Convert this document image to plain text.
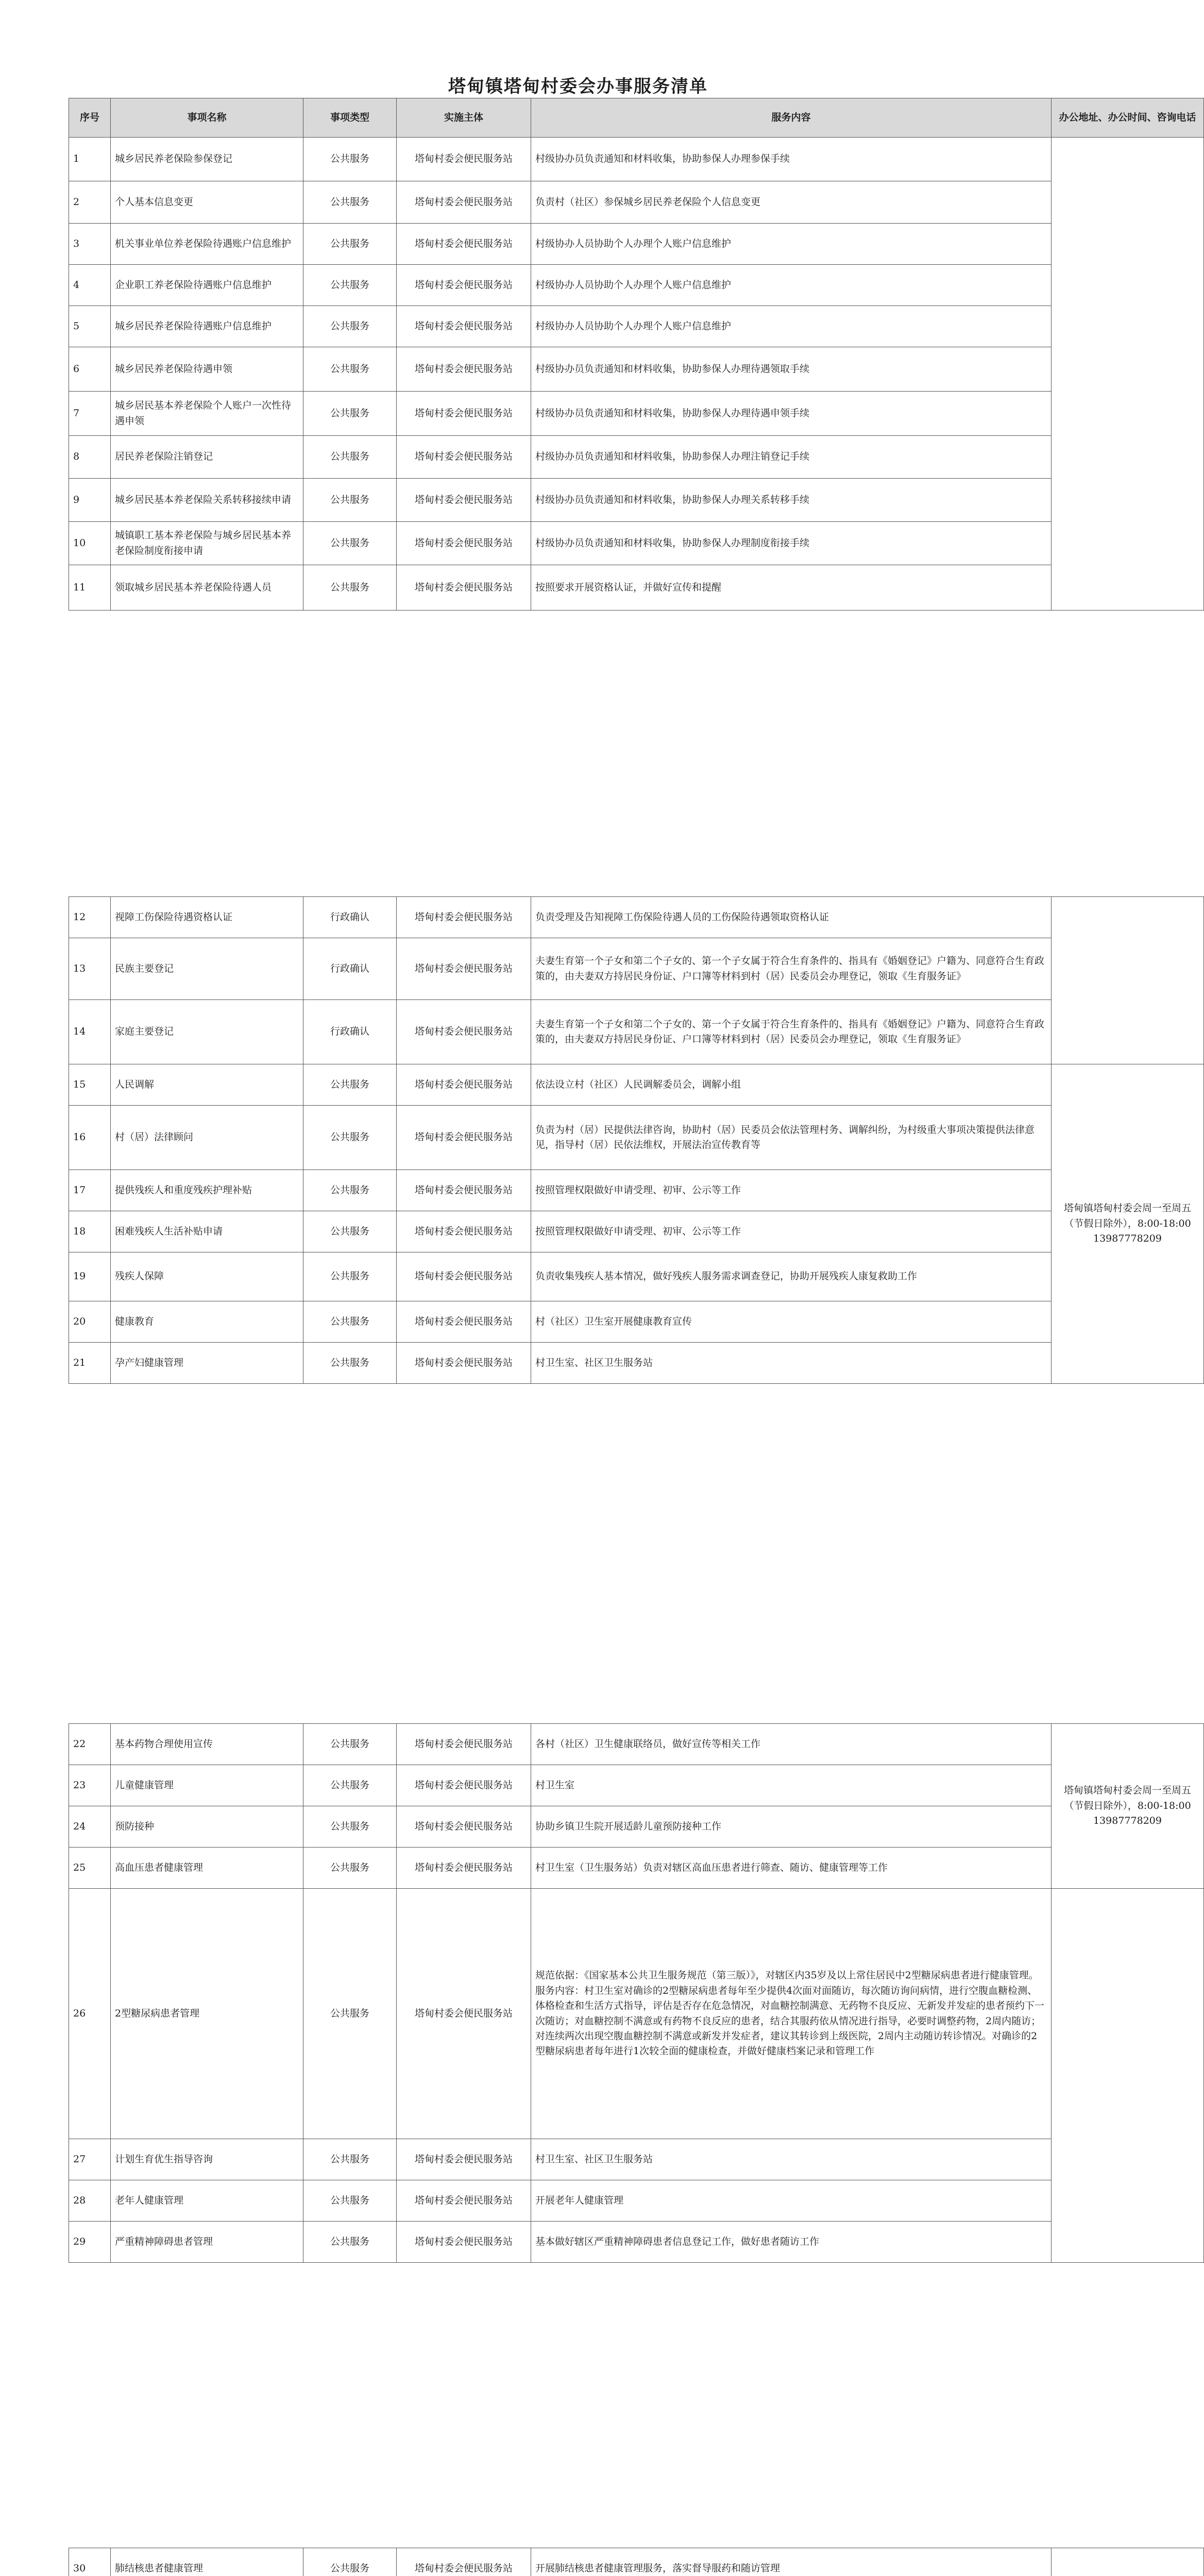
塔甸镇塔甸村委会办事服务清单
序号	事项名称	事项类型	实施主体	服务内容	办公地址、办公时间、咨询电话
1	城乡居民养老保险参保登记	公共服务	塔甸村委会便民服务站	村级协办员负责通知和材料收集，协助参保人办理参保手续	
2	个人基本信息变更	公共服务	塔甸村委会便民服务站	负责村（社区）参保城乡居民养老保险个人信息变更	
3	机关事业单位养老保险待遇账户信息维护	公共服务	塔甸村委会便民服务站	村级协办人员协助个人办理个人账户信息维护	
4	企业职工养老保险待遇账户信息维护	公共服务	塔甸村委会便民服务站	村级协办人员协助个人办理个人账户信息维护	
5	城乡居民养老保险待遇账户信息维护	公共服务	塔甸村委会便民服务站	村级协办人员协助个人办理个人账户信息维护	
6	城乡居民养老保险待遇申领	公共服务	塔甸村委会便民服务站	村级协办员负责通知和材料收集，协助参保人办理待遇领取手续	
7	城乡居民基本养老保险个人账户一次性待遇申领	公共服务	塔甸村委会便民服务站	村级协办员负责通知和材料收集，协助参保人办理待遇申领手续	
8	居民养老保险注销登记	公共服务	塔甸村委会便民服务站	村级协办员负责通知和材料收集，协助参保人办理注销登记手续	
9	城乡居民基本养老保险关系转移接续申请	公共服务	塔甸村委会便民服务站	村级协办员负责通知和材料收集，协助参保人办理关系转移手续	
10	城镇职工基本养老保险与城乡居民基本养老保险制度衔接申请	公共服务	塔甸村委会便民服务站	村级协办员负责通知和材料收集，协助参保人办理制度衔接手续	
11	领取城乡居民基本养老保险待遇人员	公共服务	塔甸村委会便民服务站	按照要求开展资格认证，并做好宣传和提醒	
12	视障工伤保险待遇资格认证	行政确认	塔甸村委会便民服务站	负责受理及告知视障工伤保险待遇人员的工伤保险待遇领取资格认证	
13	民族主要登记	行政确认	塔甸村委会便民服务站	夫妻生育第一个子女和第二个子女的、第一个子女属于符合生育条件的、指具有《婚姻登记》户籍为、同意符合生育政策的，由夫妻双方持居民身份证、户口簿等材料到村（居）民委员会办理登记，领取《生育服务证》	
14	家庭主要登记	行政确认	塔甸村委会便民服务站	夫妻生育第一个子女和第二个子女的、第一个子女属于符合生育条件的、指具有《婚姻登记》户籍为、同意符合生育政策的，由夫妻双方持居民身份证、户口簿等材料到村（居）民委员会办理登记，领取《生育服务证》	
15	人民调解	公共服务	塔甸村委会便民服务站	依法设立村（社区）人民调解委员会，调解小组	塔甸镇塔甸村委会周一至周五（节假日除外），8:00-18:00 13987778209
16	村（居）法律顾问	公共服务	塔甸村委会便民服务站	负责为村（居）民提供法律咨询，协助村（居）民委员会依法管理村务、调解纠纷，为村级重大事项决策提供法律意见，指导村（居）民依法维权，开展法治宣传教育等	
17	提供残疾人和重度残疾护理补贴	公共服务	塔甸村委会便民服务站	按照管理权限做好申请受理、初审、公示等工作	
18	困难残疾人生活补贴申请	公共服务	塔甸村委会便民服务站	按照管理权限做好申请受理、初审、公示等工作	
19	残疾人保障	公共服务	塔甸村委会便民服务站	负责收集残疾人基本情况，做好残疾人服务需求调查登记，协助开展残疾人康复救助工作	
20	健康教育	公共服务	塔甸村委会便民服务站	村（社区）卫生室开展健康教育宣传	
21	孕产妇健康管理	公共服务	塔甸村委会便民服务站	村卫生室、社区卫生服务站	
22	基本药物合理使用宣传	公共服务	塔甸村委会便民服务站	各村（社区）卫生健康联络员，做好宣传等相关工作	塔甸镇塔甸村委会周一至周五（节假日除外），8:00-18:00 13987778209
23	儿童健康管理	公共服务	塔甸村委会便民服务站	村卫生室	
24	预防接种	公共服务	塔甸村委会便民服务站	协助乡镇卫生院开展适龄儿童预防接种工作	
25	高血压患者健康管理	公共服务	塔甸村委会便民服务站	村卫生室（卫生服务站）负责对辖区高血压患者进行筛查、随访、健康管理等工作	
26	2型糖尿病患者管理	公共服务	塔甸村委会便民服务站	规范依据：《国家基本公共卫生服务规范（第三版）》，对辖区内35岁及以上常住居民中2型糖尿病患者进行健康管理。服务内容：村卫生室对确诊的2型糖尿病患者每年至少提供4次面对面随访，每次随访询问病情，进行空腹血糖检测、体格检查和生活方式指导，评估是否存在危急情况，对血糖控制满意、无药物不良反应、无新发并发症的患者预约下一次随访；对血糖控制不满意或有药物不良反应的患者，结合其服药依从情况进行指导，必要时调整药物，2周内随访；对连续两次出现空腹血糖控制不满意或新发并发症者，建议其转诊到上级医院，2周内主动随访转诊情况。对确诊的2型糖尿病患者每年进行1次较全面的健康检查，并做好健康档案记录和管理工作	
27	计划生育优生指导咨询	公共服务	塔甸村委会便民服务站	村卫生室、社区卫生服务站	
28	老年人健康管理	公共服务	塔甸村委会便民服务站	开展老年人健康管理	
29	严重精神障碍患者管理	公共服务	塔甸村委会便民服务站	基本做好辖区严重精神障碍患者信息登记工作，做好患者随访工作	
30	肺结核患者健康管理	公共服务	塔甸村委会便民服务站	开展肺结核患者健康管理服务，落实督导服药和随访管理	
